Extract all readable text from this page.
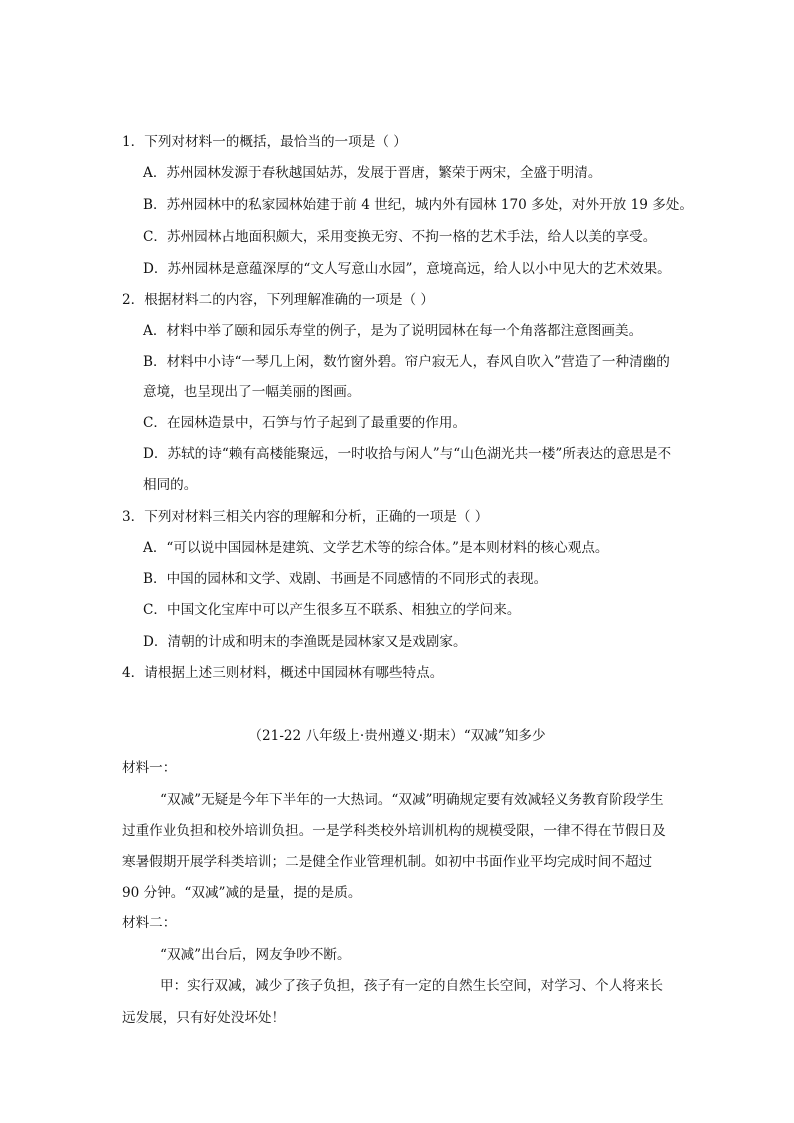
1．下列对材料一的概括，最恰当的一项是（ ）
A．苏州园林发源于春秋越国姑苏，发展于晋唐，繁荣于两宋，全盛于明清。
B．苏州园林中的私家园林始建于前 4 世纪，城内外有园林 170 多处，对外开放 19 多处。
C．苏州园林占地面积颇大，采用变换无穷、不拘一格的艺术手法，给人以美的享受。
D．苏州园林是意蕴深厚的“文人写意山水园”，意境高远，给人以小中见大的艺术效果。
2．根据材料二的内容，下列理解准确的一项是（ ）
A．材料中举了颐和园乐寿堂的例子，是为了说明园林在每一个角落都注意图画美。
B．材料中小诗“一琴几上闲，数竹窗外碧。帘户寂无人，春风自吹入”营造了一种清幽的
意境，也呈现出了一幅美丽的图画。
C．在园林造景中，石笋与竹子起到了最重要的作用。
D．苏轼的诗“赖有高楼能聚远，一时收拾与闲人”与“山色湖光共一楼”所表达的意思是不
相同的。
3．下列对材料三相关内容的理解和分析，正确的一项是（ ）
A．“可以说中国园林是建筑、文学艺术等的综合体。”是本则材料的核心观点。
B．中国的园林和文学、戏剧、书画是不同感情的不同形式的表现。
C．中国文化宝库中可以产生很多互不联系、相独立的学问来。
D．清朝的计成和明末的李渔既是园林家又是戏剧家。
4．请根据上述三则材料，概述中国园林有哪些特点。
（21-22 八年级上·贵州遵义·期末）“双减”知多少
材料一：
“双减”无疑是今年下半年的一大热词。“双减”明确规定要有效减轻义务教育阶段学生
过重作业负担和校外培训负担。一是学科类校外培训机构的规模受限，一律不得在节假日及
寒暑假期开展学科类培训；二是健全作业管理机制。如初中书面作业平均完成时间不超过
90 分钟。“双减”减的是量，提的是质。
材料二：
“双减”出台后，网友争吵不断。
甲：实行双减，减少了孩子负担，孩子有一定的自然生长空间，对学习、个人将来长
远发展，只有好处没坏处！
